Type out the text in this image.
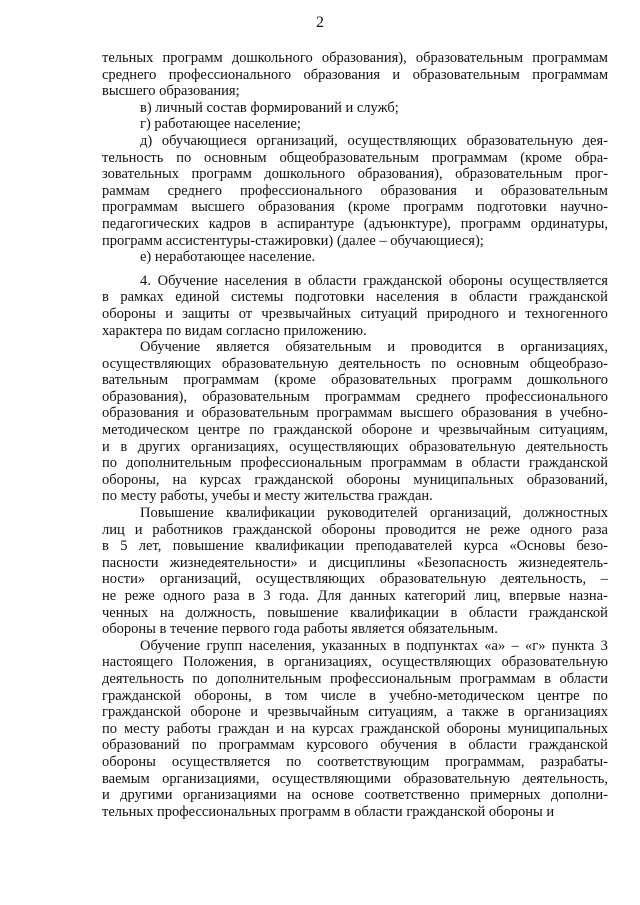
2
тельных программ дошкольного образования), образовательным программам
среднего профессионального образования и образовательным программам
высшего образования;
в) личный состав формирований и служб;
г) работающее население;
д) обучающиеся организаций, осуществляющих образовательную дея-
тельность по основным общеобразовательным программам (кроме обра-
зовательных программ дошкольного образования), образовательным прог-
раммам среднего профессионального образования и образовательным
программам высшего образования (кроме программ подготовки научно-
педагогических кадров в аспирантуре (адъюнктуре), программ ординатуры,
программ ассистентуры-стажировки) (далее – обучающиеся);
е) неработающее население.
4. Обучение населения в области гражданской обороны осуществляется
в рамках единой системы подготовки населения в области гражданской
обороны и защиты от чрезвычайных ситуаций природного и техногенного
характера по видам согласно приложению.
Обучение является обязательным и проводится в организациях,
осуществляющих образовательную деятельность по основным общеобразо-
вательным программам (кроме образовательных программ дошкольного
образования), образовательным программам среднего профессионального
образования и образовательным программам высшего образования в учебно-
методическом центре по гражданской обороне и чрезвычайным ситуациям,
и в других организациях, осуществляющих образовательную деятельность
по дополнительным профессиональным программам в области гражданской
обороны, на курсах гражданской обороны муниципальных образований,
по месту работы, учебы и месту жительства граждан.
Повышение квалификации руководителей организаций, должностных
лиц и работников гражданской обороны проводится не реже одного раза
в 5 лет, повышение квалификации преподавателей курса «Основы безо-
пасности жизнедеятельности» и дисциплины «Безопасность жизнедеятель-
ности» организаций, осуществляющих образовательную деятельность, –
не реже одного раза в 3 года. Для данных категорий лиц, впервые назна-
ченных на должность, повышение квалификации в области гражданской
обороны в течение первого года работы является обязательным.
Обучение групп населения, указанных в подпунктах «а» – «г» пункта 3
настоящего Положения, в организациях, осуществляющих образовательную
деятельность по дополнительным профессиональным программам в области
гражданской обороны, в том числе в учебно-методическом центре по
гражданской обороне и чрезвычайным ситуациям, а также в организациях
по месту работы граждан и на курсах гражданской обороны муниципальных
образований по программам курсового обучения в области гражданской
обороны осуществляется по соответствующим программам, разрабаты-
ваемым организациями, осуществляющими образовательную деятельность,
и другими организациями на основе соответственно примерных дополни-
тельных профессиональных программ в области гражданской обороны и
